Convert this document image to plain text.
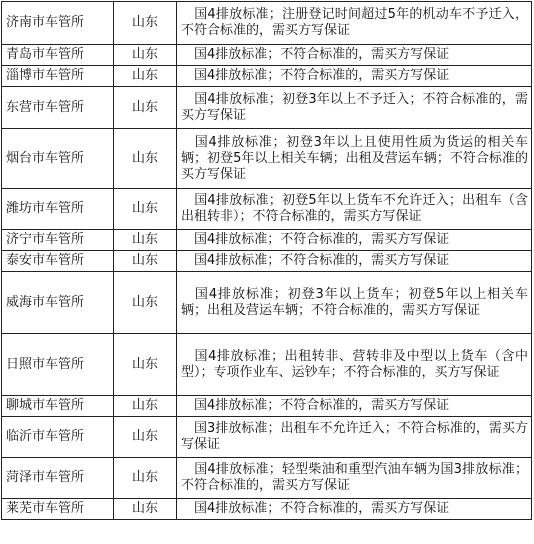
济南市车管所	山东	国4排放标准；注册登记时间超过5年的机动车不予迁入，不符合标准的，需买方写保证
青岛市车管所	山东	国4排放标准；不符合标准的，需买方写保证
淄博市车管所	山东	国4排放标准；不符合标准的，需买方写保证
东营市车管所	山东	国4排放标准；初登3年以上不予迁入；不符合标准的，需买方写保证
烟台市车管所	山东	国4排放标准；初登3年以上且使用性质为货运的相关车辆；初登5年以上相关车辆；出租及营运车辆；不符合标准的买方写保证
潍坊市车管所	山东	国4排放标准；初登5年以上货车不允许迁入；出租车（含出租转非）；不符合标准的，需买方写保证
济宁市车管所	山东	国4排放标准；不符合标准的，需买方写保证
泰安市车管所	山东	国4排放标准；不符合标准的，需买方写保证
威海市车管所	山东	国4排放标准；初登3年以上货车；初登5年以上相关车辆；出租及营运车辆；不符合标准的，需买方写保证
日照市车管所	山东	国4排放标准；出租转非、营转非及中型以上货车（含中型）；专项作业车、运钞车；不符合标准的，买方写保证
聊城市车管所	山东	国4排放标准；不符合标准的，需买方写保证
临沂市车管所	山东	国3排放标准；出租车不允许迁入；不符合标准的，需买方写保证
菏泽市车管所	山东	国4排放标准；轻型柴油和重型汽油车辆为国3排放标准；不符合标准的，需买方写保证
莱芜市车管所	山东	国4排放标准；不符合标准的，需买方写保证
